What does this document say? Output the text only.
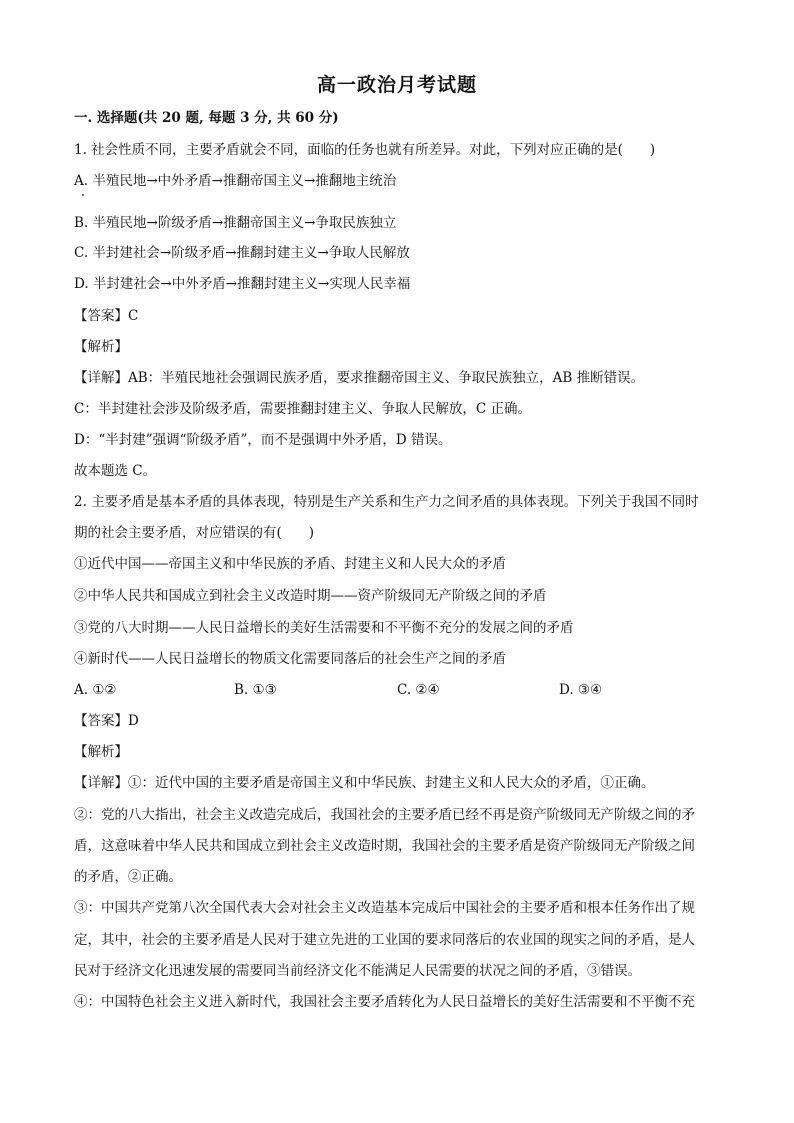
高一政治月考试题
一. 选择题(共 20 题, 每题 3 分, 共 60 分)
1. 社会性质不同，主要矛盾就会不同，面临的任务也就有所差异。对此，下列对应正确的是(　　)
A. 半殖民地→中外矛盾→推翻帝国主义→推翻地主统治
B. 半殖民地→阶级矛盾→推翻帝国主义→争取民族独立
C. 半封建社会→阶级矛盾→推翻封建主义→争取人民解放
D. 半封建社会→中外矛盾→推翻封建主义→实现人民幸福
【答案】C
【解析】
【详解】AB：半殖民地社会强调民族矛盾，要求推翻帝国主义、争取民族独立，AB 推断错误。
C：半封建社会涉及阶级矛盾，需要推翻封建主义、争取人民解放，C 正确。
D：“半封建”强调“阶级矛盾”，而不是强调中外矛盾，D 错误。
故本题选 C。
2. 主要矛盾是基本矛盾的具体表现，特别是生产关系和生产力之间矛盾的具体表现。下列关于我国不同时
期的社会主要矛盾，对应错误的有(　　)
①近代中国——帝国主义和中华民族的矛盾、封建主义和人民大众的矛盾
②中华人民共和国成立到社会主义改造时期——资产阶级同无产阶级之间的矛盾
③党的八大时期——人民日益增长的美好生活需要和不平衡不充分的发展之间的矛盾
④新时代——人民日益增长的物质文化需要同落后的社会生产之间的矛盾
A. ①②	B. ①③	C. ②④	D. ③④
【答案】D
【解析】
【详解】①：近代中国的主要矛盾是帝国主义和中华民族、封建主义和人民大众的矛盾，①正确。
②：党的八大指出，社会主义改造完成后，我国社会的主要矛盾已经不再是资产阶级同无产阶级之间的矛
盾，这意味着中华人民共和国成立到社会主义改造时期，我国社会的主要矛盾是资产阶级同无产阶级之间
的矛盾，②正确。
③：中国共产党第八次全国代表大会对社会主义改造基本完成后中国社会的主要矛盾和根本任务作出了规
定，其中，社会的主要矛盾是人民对于建立先进的工业国的要求同落后的农业国的现实之间的矛盾，是人
民对于经济文化迅速发展的需要同当前经济文化不能满足人民需要的状况之间的矛盾，③错误。
④：中国特色社会主义进入新时代，我国社会主要矛盾转化为人民日益增长的美好生活需要和不平衡不充
